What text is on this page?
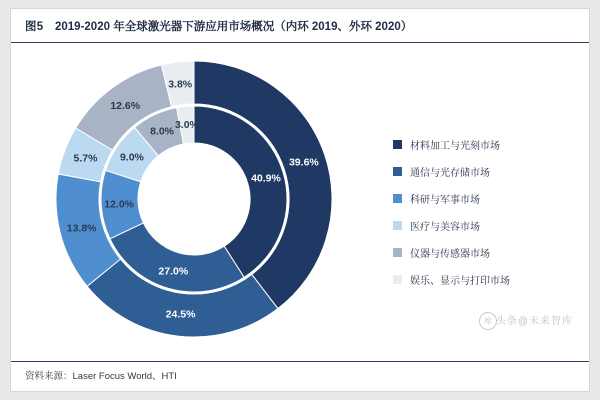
图5 2019-2020 年全球激光器下游应用市场概况（内环 2019、外环 2020）
39.6%
24.5%
13.8%
5.7%
12.6%
3.8%
40.9%
27.0%
12.0%
9.0%
8.0%
3.0%
材料加工与光刻市场
通信与光存储市场
科研与军事市场
医疗与美容市场
仪器与传感器市场
娱乐、显示与打印市场
库 头条@未来智库
资料来源：Laser Focus World、HTI
